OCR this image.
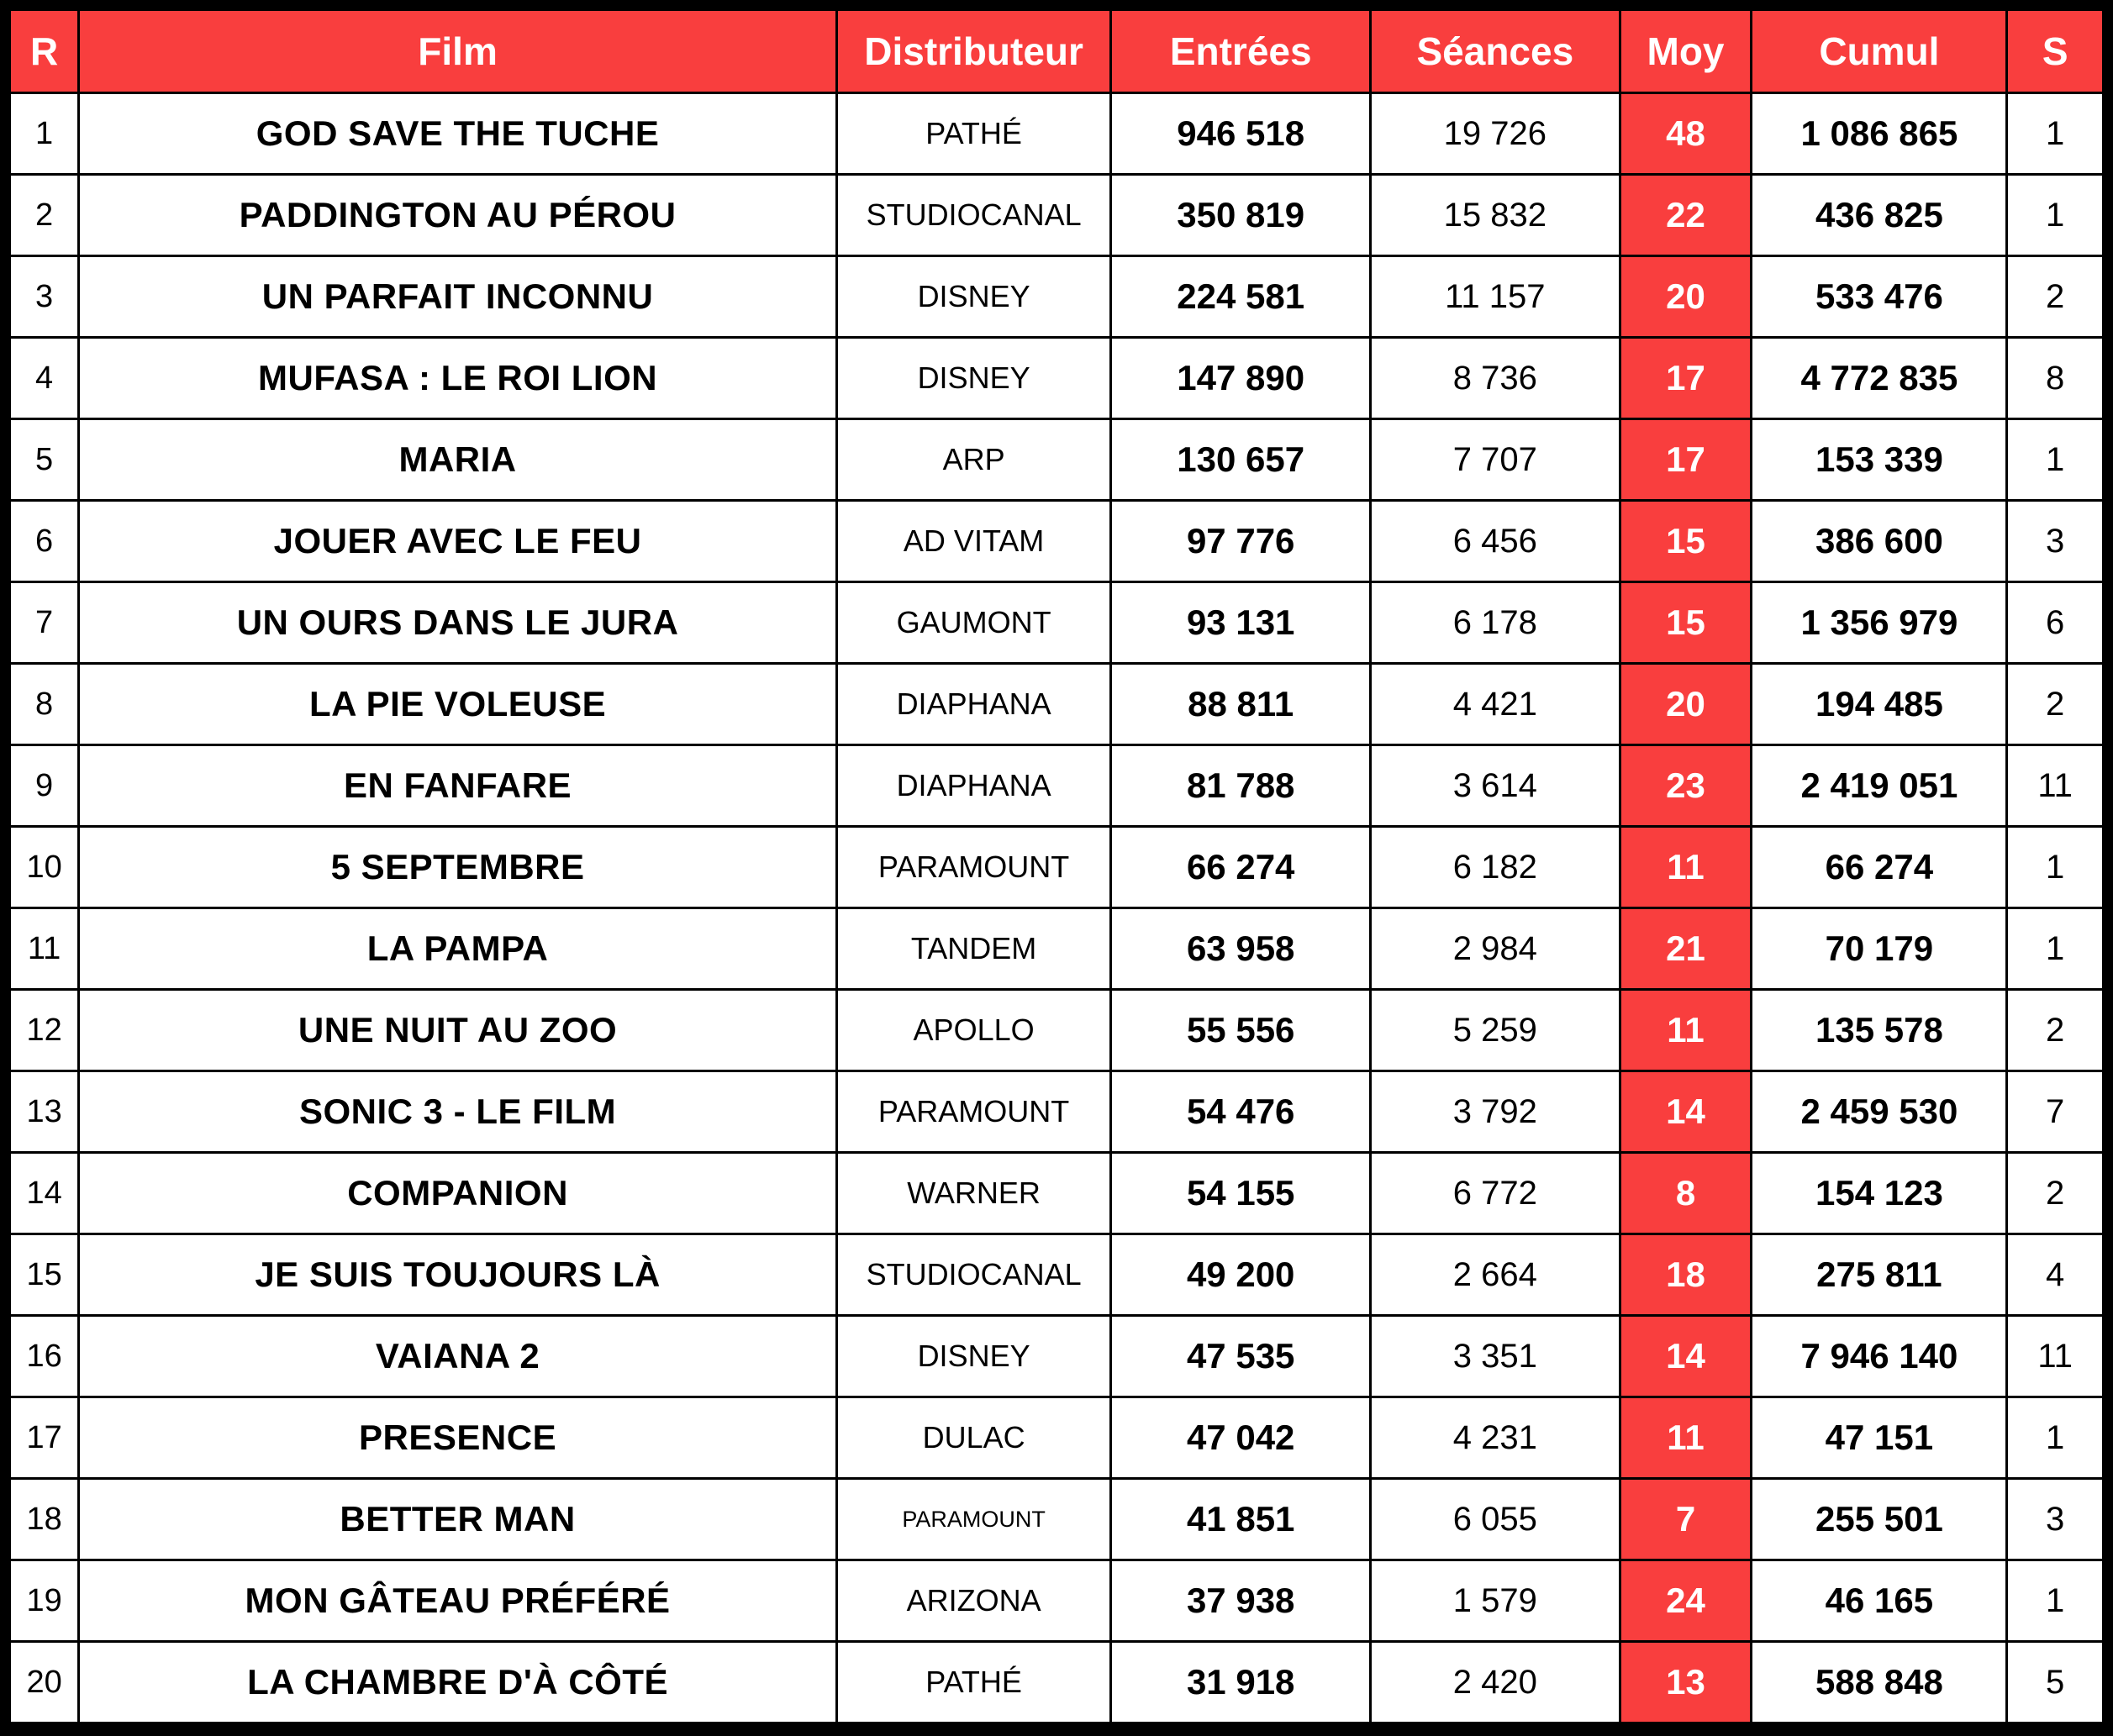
R	Film	Distributeur	Entrées	Séances	Moy	Cumul	S
1	GOD SAVE THE TUCHE	PATHÉ	946 518	19 726	48	1 086 865	1
2	PADDINGTON AU PÉROU	STUDIOCANAL	350 819	15 832	22	436 825	1
3	UN PARFAIT INCONNU	DISNEY	224 581	11 157	20	533 476	2
4	MUFASA : LE ROI LION	DISNEY	147 890	8 736	17	4 772 835	8
5	MARIA	ARP	130 657	7 707	17	153 339	1
6	JOUER AVEC LE FEU	AD VITAM	97 776	6 456	15	386 600	3
7	UN OURS DANS LE JURA	GAUMONT	93 131	6 178	15	1 356 979	6
8	LA PIE VOLEUSE	DIAPHANA	88 811	4 421	20	194 485	2
9	EN FANFARE	DIAPHANA	81 788	3 614	23	2 419 051	11
10	5 SEPTEMBRE	PARAMOUNT	66 274	6 182	11	66 274	1
11	LA PAMPA	TANDEM	63 958	2 984	21	70 179	1
12	UNE NUIT AU ZOO	APOLLO	55 556	5 259	11	135 578	2
13	SONIC 3 - LE FILM	PARAMOUNT	54 476	3 792	14	2 459 530	7
14	COMPANION	WARNER	54 155	6 772	8	154 123	2
15	JE SUIS TOUJOURS LÀ	STUDIOCANAL	49 200	2 664	18	275 811	4
16	VAIANA 2	DISNEY	47 535	3 351	14	7 946 140	11
17	PRESENCE	DULAC	47 042	4 231	11	47 151	1
18	BETTER MAN	PARAMOUNT	41 851	6 055	7	255 501	3
19	MON GÂTEAU PRÉFÉRÉ	ARIZONA	37 938	1 579	24	46 165	1
20	LA CHAMBRE D'À CÔTÉ	PATHÉ	31 918	2 420	13	588 848	5
